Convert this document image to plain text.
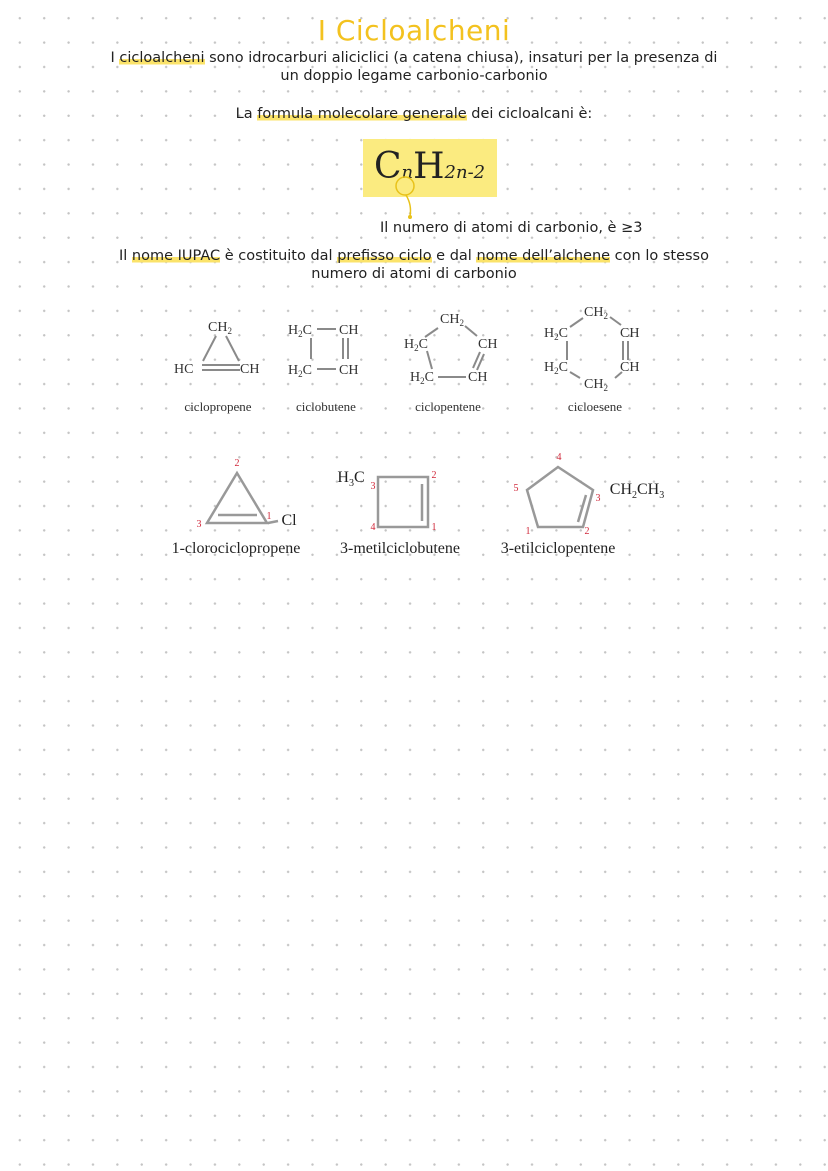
I Cicloalcheni
I cicloalcheni sono idrocarburi aliciclici (a catena chiusa), insaturi per la presenza di
un doppio legame carbonio-carbonio
La formula molecolare generale dei cicloalcani è:
CnH2n-2
Il numero di atomi di carbonio, è ≥3
Il nome IUPAC è costituito dal prefisso ciclo e dal nome dell’alchene con lo stesso
numero di atomi di carbonio
$CH_2$
HC	CH
ciclopropene
$H_2C$ CH
$H_2C$ CH
ciclobutene
$CH_2$
$H_2C$	CH
$H_2C$ CH
ciclopentene
$CH_2$
$H_2C$	CH
$H_2C$	CH
$CH_2$
cicloesene
2
3
1 Cl
1-clorociclopropene
$H_3C$
3
2
4	1
3-metilciclobutene
$CH_2CH_3$
4
5
3
1	2
3-etilciclopentene
